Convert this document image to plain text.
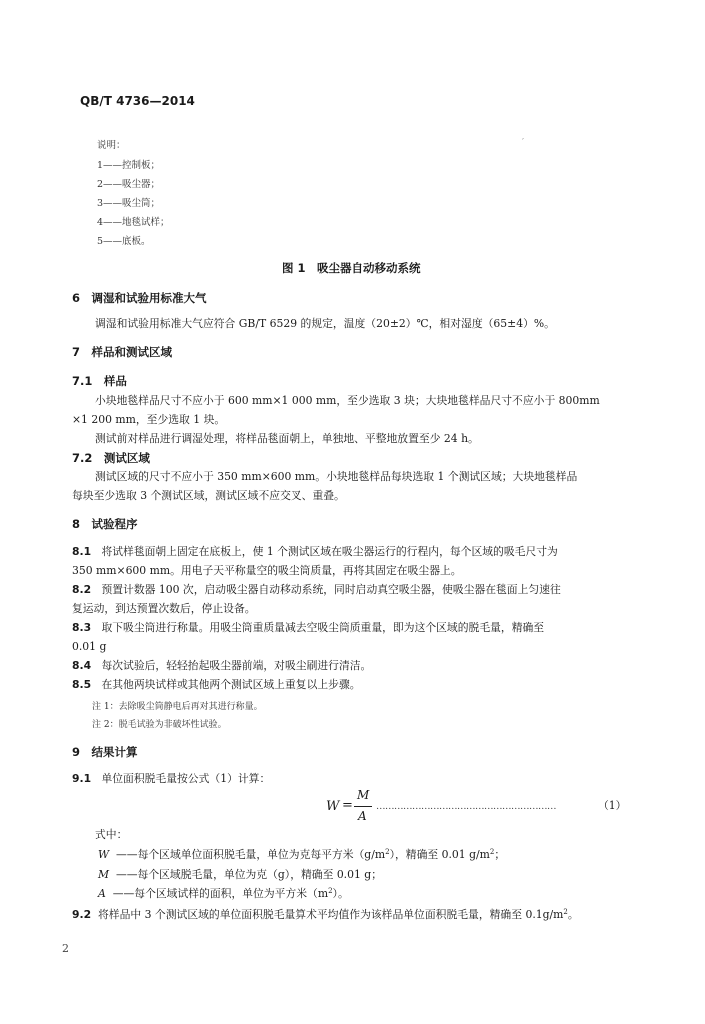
QB/T 4736—2014
′
说明：
1——控制板；
2——吸尘器；
3——吸尘筒；
4——地毯试样；
5——底板。
图 1　吸尘器自动移动系统
6　调湿和试验用标准大气
调湿和试验用标准大气应符合 GB/T 6529 的规定，温度（20±2）℃，相对湿度（65±4）%。
7　样品和测试区域
7.1　样品
小块地毯样品尺寸不应小于 600 mm×1 000 mm，至少选取 3 块；大块地毯样品尺寸不应小于 800mm
×1 200 mm，至少选取 1 块。
测试前对样品进行调湿处理，将样品毯面朝上，单独地、平整地放置至少 24 h。
7.2　测试区域
测试区域的尺寸不应小于 350 mm×600 mm。小块地毯样品每块选取 1 个测试区域；大块地毯样品
每块至少选取 3 个测试区域，测试区域不应交叉、重叠。
8　试验程序
8.1 将试样毯面朝上固定在底板上，使 1 个测试区域在吸尘器运行的行程内，每个区域的吸毛尺寸为
350 mm×600 mm。用电子天平称量空的吸尘筒质量，再将其固定在吸尘器上。
8.2 预置计数器 100 次，启动吸尘器自动移动系统，同时启动真空吸尘器，使吸尘器在毯面上匀速往
复运动，到达预置次数后，停止设备。
8.3 取下吸尘筒进行称量。用吸尘筒重质量减去空吸尘筒质重量，即为这个区域的脱毛量，精确至
0.01 g
8.4 每次试验后，轻轻抬起吸尘器前端，对吸尘刷进行清洁。
8.5 在其他两块试样或其他两个测试区域上重复以上步骤。
注 1：去除吸尘筒静电后再对其进行称量。
注 2：脱毛试验为非破坏性试验。
9　结果计算
9.1 单位面积脱毛量按公式（1）计算：
W =
M
A
……………………………………………………	（1）
式中：
W ——每个区域单位面积脱毛量，单位为克每平方米$(g/m^2)$，精确至 0.01 $g/m^2$；
M ——每个区域脱毛量，单位为克（g），精确至 0.01 g；
A ——每个区域试样的面积，单位为平方米$(m^2)$。
9.2 将样品中 3 个测试区域的单位面积脱毛量算术平均值作为该样品单位面积脱毛量，精确至 $0.1g/m^2$。
2
